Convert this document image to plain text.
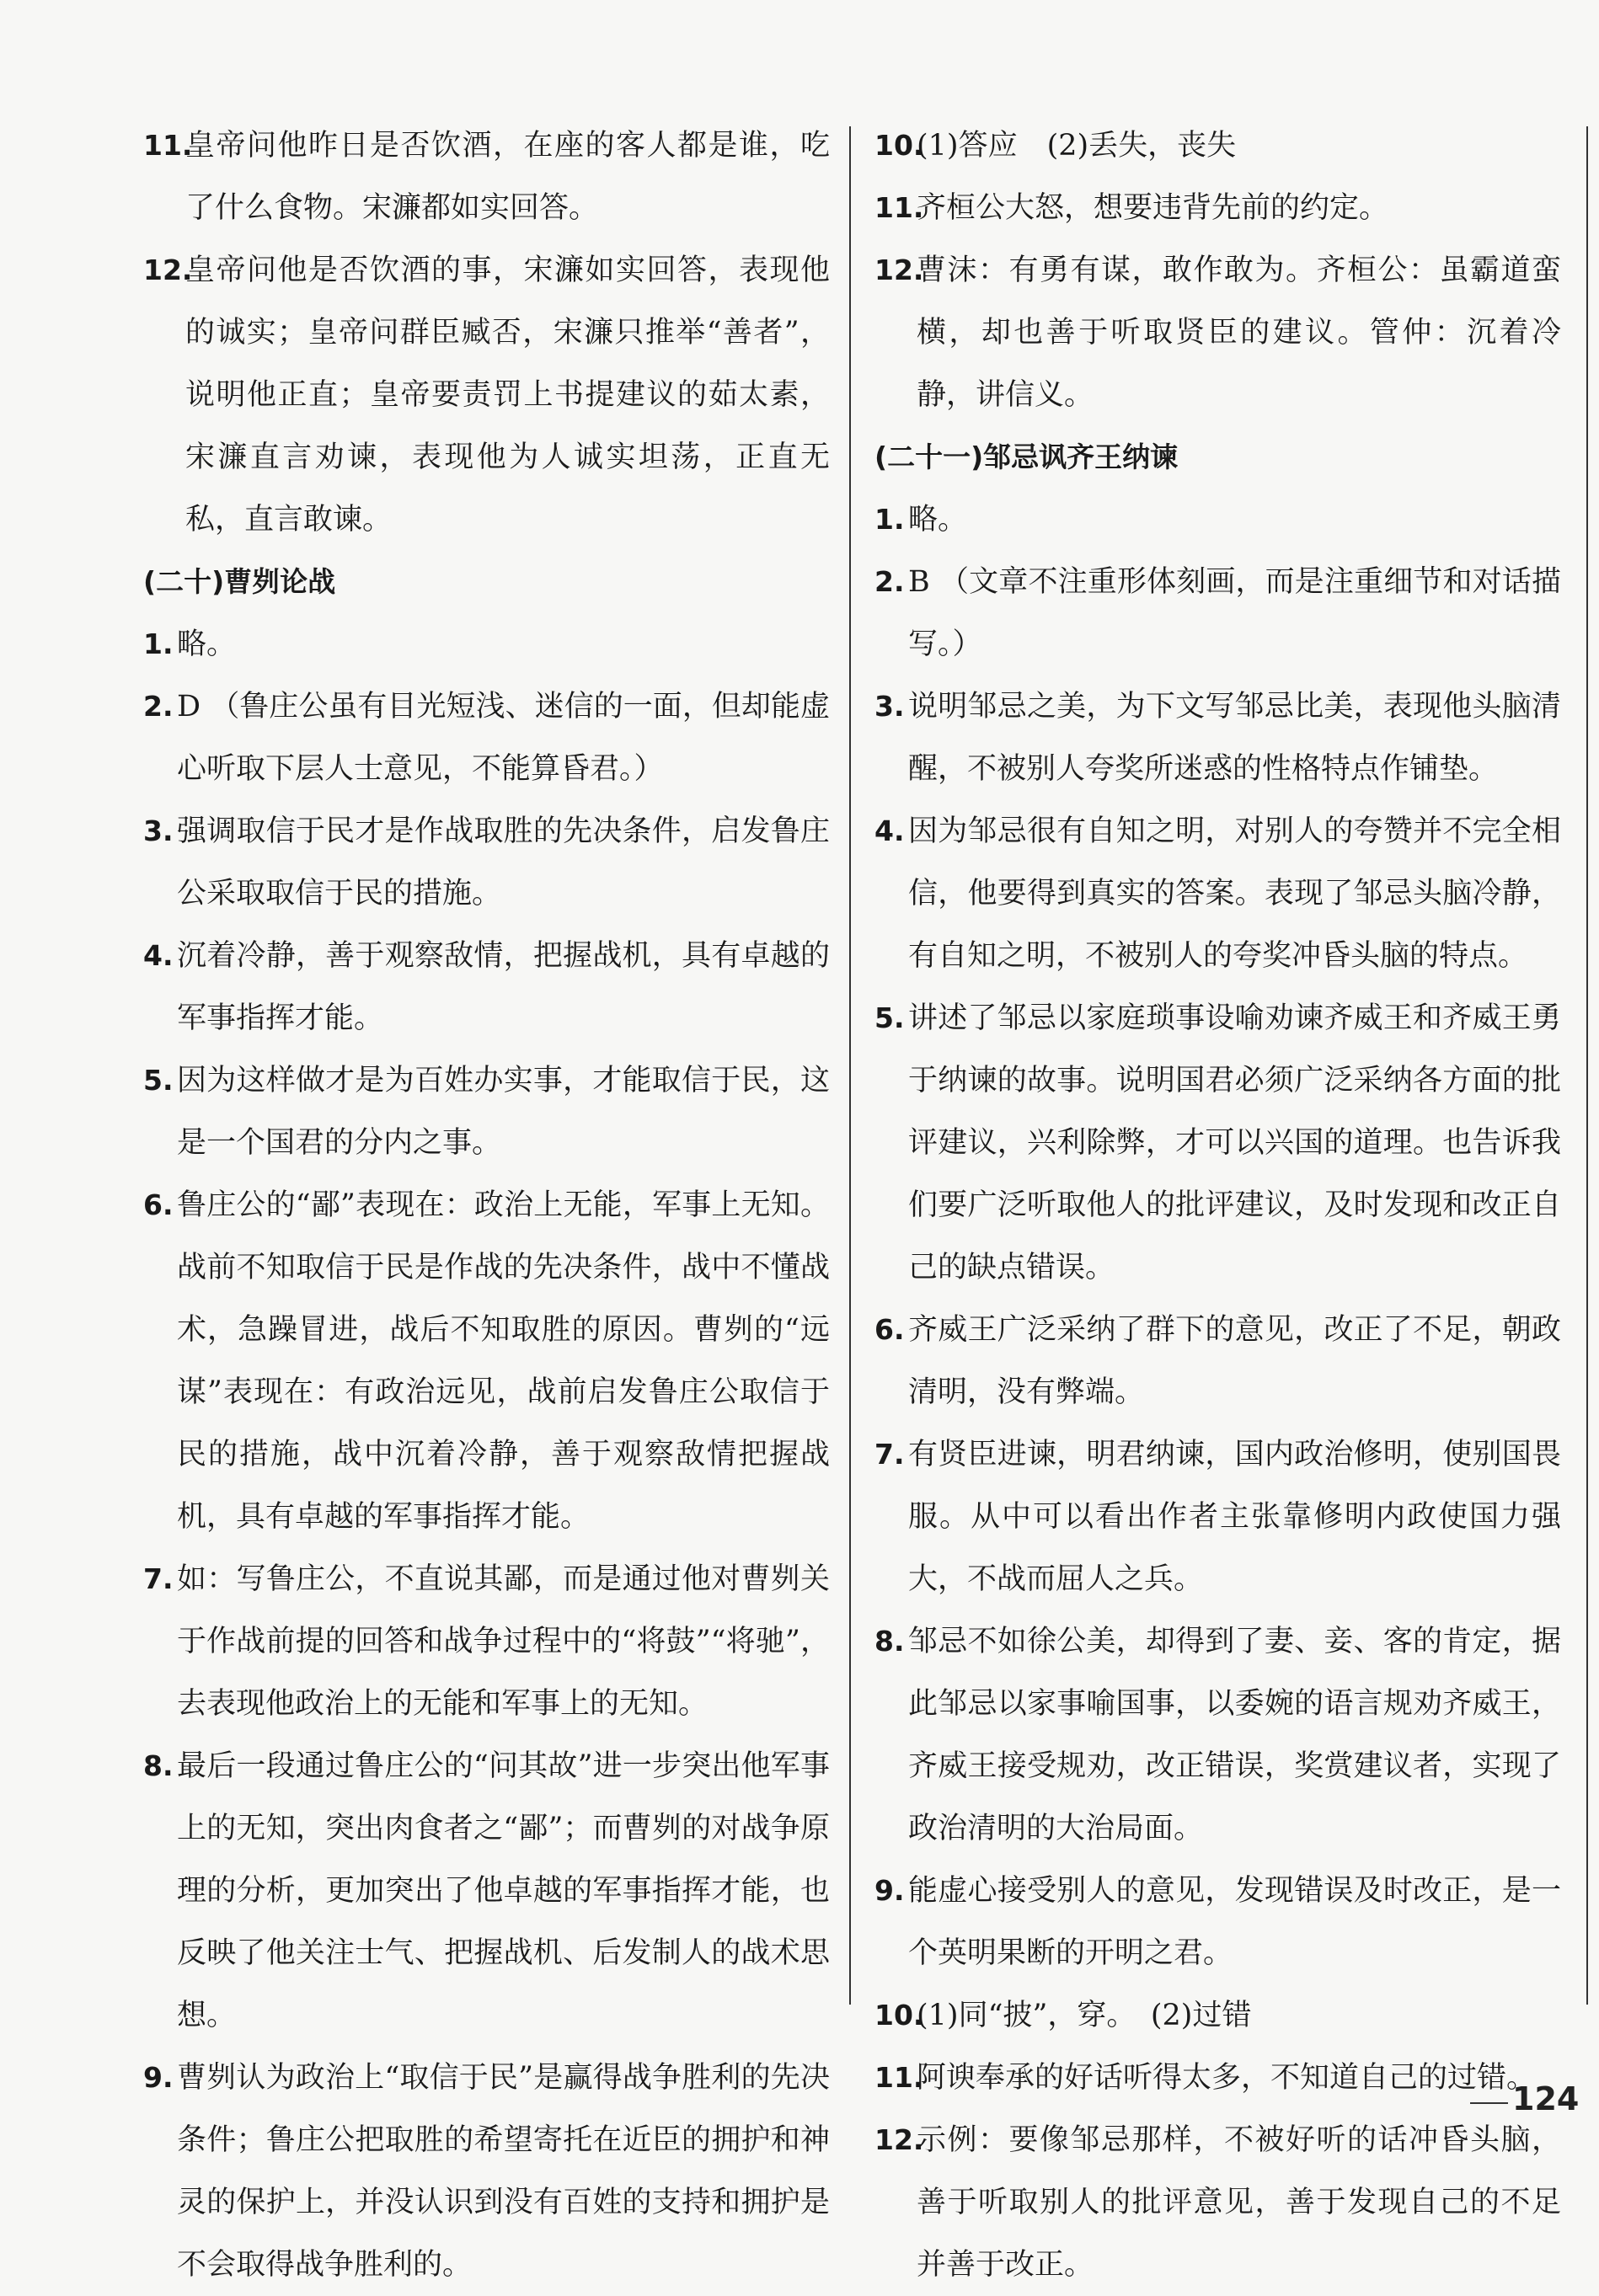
11.
皇帝问他昨日是否饮酒，在座的客人都是谁，吃了什么食物。宋濂都如实回答。
12.
皇帝问他是否饮酒的事，宋濂如实回答，表现他的诚实；皇帝问群臣臧否，宋濂只推举“善者”，说明他正直；皇帝要责罚上书提建议的茹太素，宋濂直言劝谏，表现他为人诚实坦荡，正直无私，直言敢谏。
(二十)曹刿论战
1. 略。
2. D （鲁庄公虽有目光短浅、迷信的一面，但却能虚心听取下层人士意见，不能算昏君。）
3. 强调取信于民才是作战取胜的先决条件，启发鲁庄公采取取信于民的措施。
4. 沉着冷静，善于观察敌情，把握战机，具有卓越的军事指挥才能。
5. 因为这样做才是为百姓办实事，才能取信于民，这是一个国君的分内之事。
6. 鲁庄公的“鄙”表现在：政治上无能，军事上无知。战前不知取信于民是作战的先决条件，战中不懂战术，急躁冒进，战后不知取胜的原因。曹刿的“远谋”表现在：有政治远见，战前启发鲁庄公取信于民的措施，战中沉着冷静，善于观察敌情把握战机，具有卓越的军事指挥才能。
7. 如：写鲁庄公，不直说其鄙，而是通过他对曹刿关于作战前提的回答和战争过程中的“将鼓”“将驰”，去表现他政治上的无能和军事上的无知。
8. 最后一段通过鲁庄公的“问其故”进一步突出他军事上的无知，突出肉食者之“鄙”；而曹刿的对战争原理的分析，更加突出了他卓越的军事指挥才能，也反映了他关注士气、把握战机、后发制人的战术思想。
9. 曹刿认为政治上“取信于民”是赢得战争胜利的先决条件；鲁庄公把取胜的希望寄托在近臣的拥护和神灵的保护上，并没认识到没有百姓的支持和拥护是不会取得战争胜利的。
10.
(1)答应　(2)丢失，丧失
11.
齐桓公大怒，想要违背先前的约定。
12.
曹沫：有勇有谋，敢作敢为。齐桓公：虽霸道蛮横，却也善于听取贤臣的建议。管仲：沉着冷静，讲信义。
(二十一)邹忌讽齐王纳谏
1. 略。
2. B （文章不注重形体刻画，而是注重细节和对话描写。）
3. 说明邹忌之美，为下文写邹忌比美，表现他头脑清醒，不被别人夸奖所迷惑的性格特点作铺垫。
4. 因为邹忌很有自知之明，对别人的夸赞并不完全相信，他要得到真实的答案。表现了邹忌头脑冷静，有自知之明，不被别人的夸奖冲昏头脑的特点。
5. 讲述了邹忌以家庭琐事设喻劝谏齐威王和齐威王勇于纳谏的故事。说明国君必须广泛采纳各方面的批评建议，兴利除弊，才可以兴国的道理。也告诉我们要广泛听取他人的批评建议，及时发现和改正自己的缺点错误。
6. 齐威王广泛采纳了群下的意见，改正了不足，朝政清明，没有弊端。
7. 有贤臣进谏，明君纳谏，国内政治修明，使别国畏服。从中可以看出作者主张靠修明内政使国力强大，不战而屈人之兵。
8. 邹忌不如徐公美，却得到了妻、妾、客的肯定，据此邹忌以家事喻国事，以委婉的语言规劝齐威王，齐威王接受规劝，改正错误，奖赏建议者，实现了政治清明的大治局面。
9. 能虚心接受别人的意见，发现错误及时改正，是一个英明果断的开明之君。
10.
(1)同“披”，穿。　(2)过错
11.
阿谀奉承的好话听得太多，不知道自己的过错。
12.
示例：要像邹忌那样，不被好听的话冲昏头脑，善于听取别人的批评意见，善于发现自己的不足并善于改正。
124
